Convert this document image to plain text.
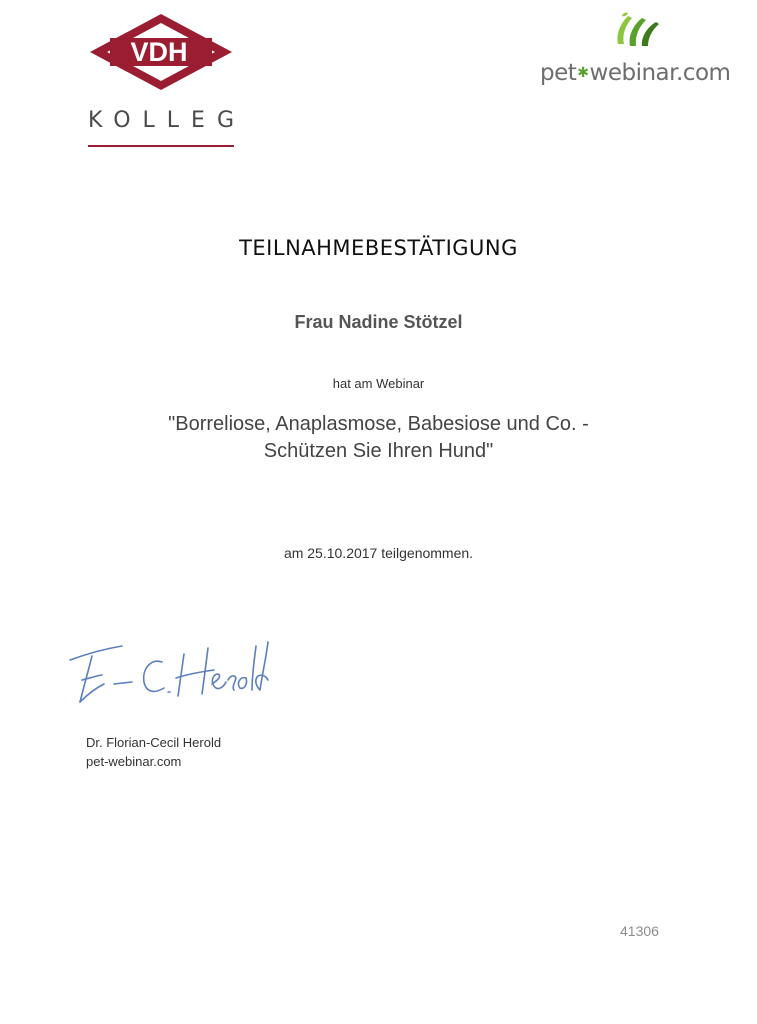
VDH
KOLLEG
pet✱webinar.com
TEILNAHMEBESTÄTIGUNG
Frau Nadine Stötzel
hat am Webinar
"Borreliose, Anaplasmose, Babesiose und Co. -
Schützen Sie Ihren Hund"
am 25.10.2017 teilgenommen.
Dr. Florian-Cecil Herold
pet-webinar.com
41306
